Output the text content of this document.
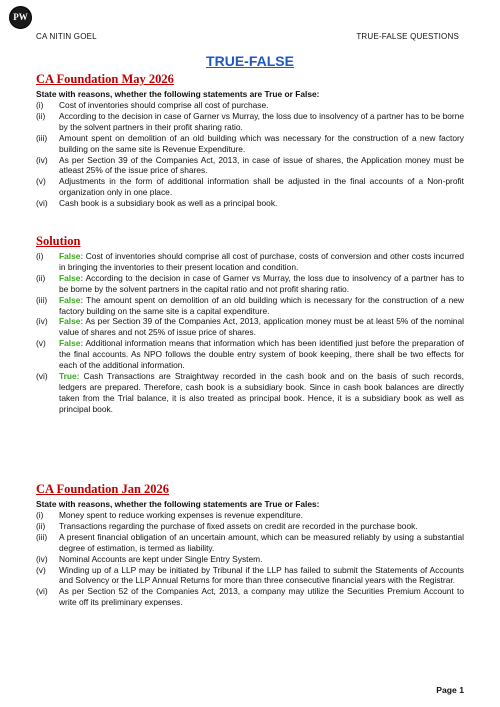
PW
CA NITIN GOEL	TRUE-FALSE QUESTIONS
TRUE-FALSE
CA Foundation May 2026
State with reasons, whether the following statements are True or False:
(i) Cost of inventories should comprise all cost of purchase.
(ii) According to the decision in case of Garner vs Murray, the loss due to insolvency of a partner has to be borne by the solvent partners in their profit sharing ratio.
(iii) Amount spent on demolition of an old building which was necessary for the construction of a new factory building on the same site is Revenue Expenditure.
(iv) As per Section 39 of the Companies Act, 2013, in case of issue of shares, the Application money must be atleast 25% of the issue price of shares.
(v) Adjustments in the form of additional information shall be adjusted in the final accounts of a Non-profit organization only in one place.
(vi) Cash book is a subsidiary book as well as a principal book.
Solution
(i) False: Cost of inventories should comprise all cost of purchase, costs of conversion and other costs incurred in bringing the inventories to their present location and condition.
(ii) False: According to the decision in case of Garner vs Murray, the loss due to insolvency of a partner has to be borne by the solvent partners in the capital ratio and not profit sharing ratio.
(iii) False: The amount spent on demolition of an old building which is necessary for the construction of a new factory building on the same site is a capital expenditure.
(iv) False: As per Section 39 of the Companies Act, 2013, application money must be at least 5% of the nominal value of shares and not 25% of issue price of shares.
(v) False: Additional information means that information which has been identified just before the preparation of the final accounts. As NPO follows the double entry system of book keeping, there shall be two effects for each of the additional information.
(vi) True: Cash Transactions are Straightway recorded in the cash book and on the basis of such records, ledgers are prepared. Therefore, cash book is a subsidiary book. Since in cash book balances are directly taken from the Trial balance, it is also treated as principal book. Hence, it is a subsidiary book as well as principal book.
CA Foundation Jan 2026
State with reasons, whether the following statements are True or Fales:
(i) Money spent to reduce working expenses is revenue expenditure.
(ii) Transactions regarding the purchase of fixed assets on credit are recorded in the purchase book.
(iii) A present financial obligation of an uncertain amount, which can be measured reliably by using a substantial degree of estimation, is termed as liability.
(iv) Nominal Accounts are kept under Single Entry System.
(v) Winding up of a LLP may be initiated by Tribunal if the LLP has failed to submit the Statements of Accounts and Solvency or the LLP Annual Returns for more than three consecutive financial years with the Registrar.
(vi) As per Section 52 of the Companies Act, 2013, a company may utilize the Securities Premium Account to write off its preliminary expenses.
Page 1
